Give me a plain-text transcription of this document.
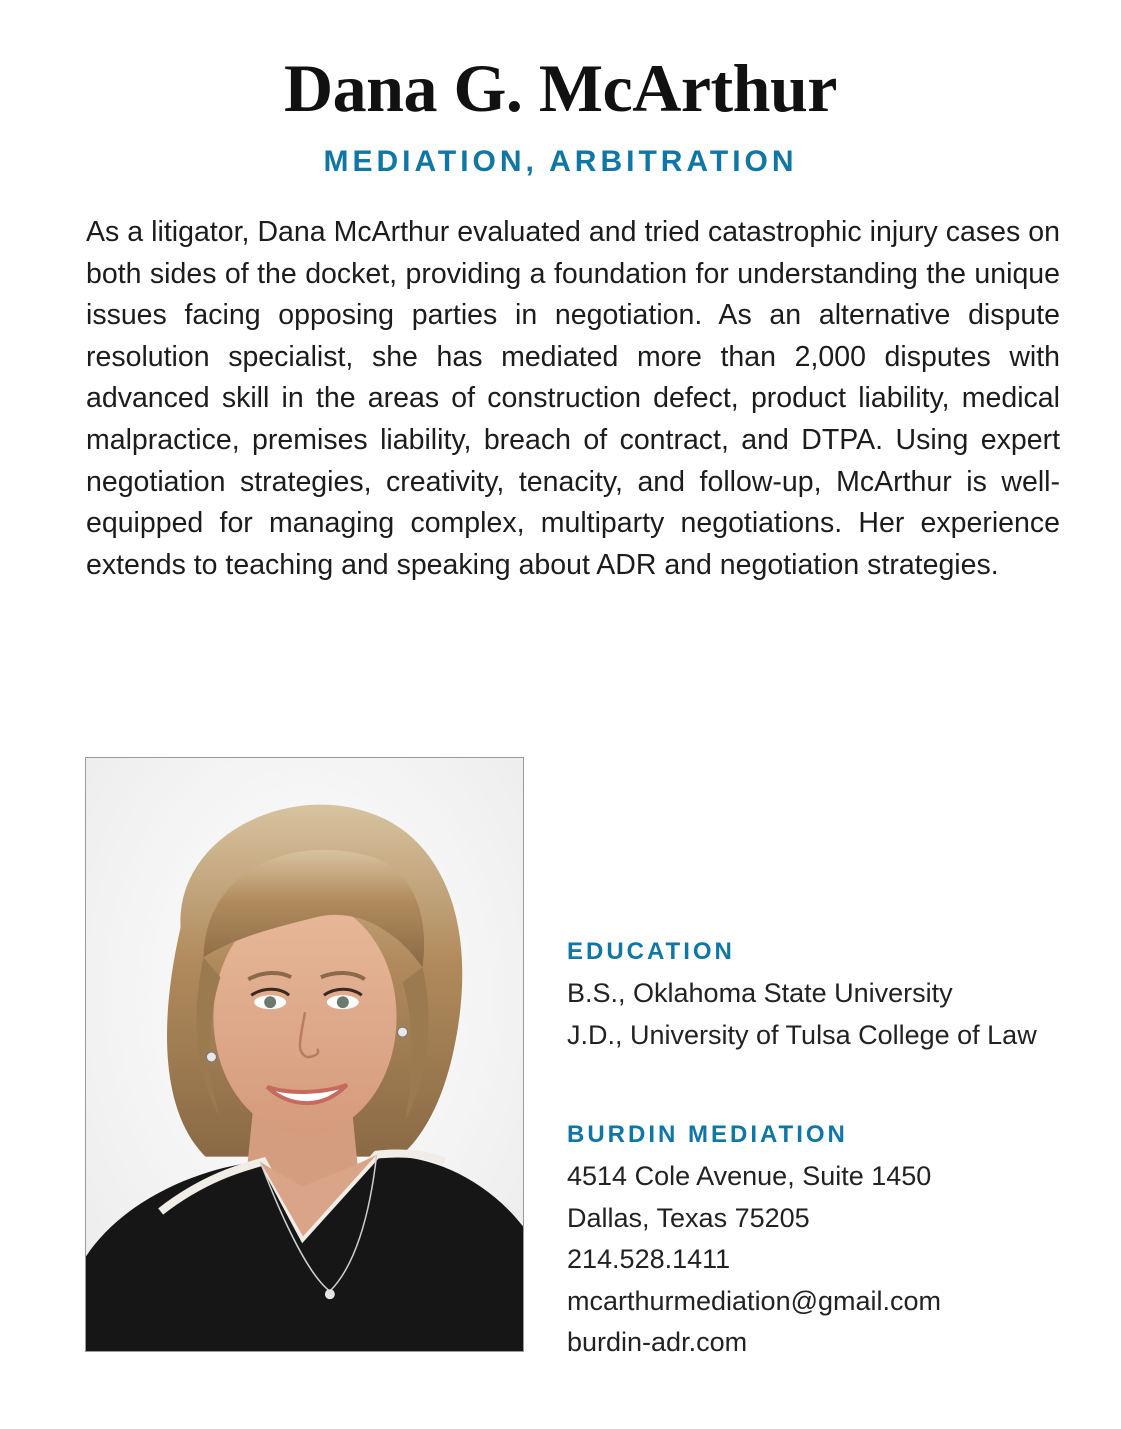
Dana G. McArthur
MEDIATION, ARBITRATION

As a litigator, Dana McArthur evaluated and tried catastrophic injury cases on both sides of the docket, providing a foundation for understanding the unique issues facing opposing parties in negotiation. As an alternative dispute resolution specialist, she has mediated more than 2,000 disputes with advanced skill in the areas of construction defect, product liability, medical malpractice, premises liability, breach of contract, and DTPA. Using expert negotiation strategies, creativity, tenacity, and follow-up, McArthur is well-equipped for managing complex, multiparty negotiations. Her experience extends to teaching and speaking about ADR and negotiation strategies.

EDUCATION
B.S., Oklahoma State University
J.D., University of Tulsa College of Law
BURDIN MEDIATION
4514 Cole Avenue, Suite 1450
Dallas, Texas 75205
214.528.1411
mcarthurmediation@gmail.com
burdin-adr.com
